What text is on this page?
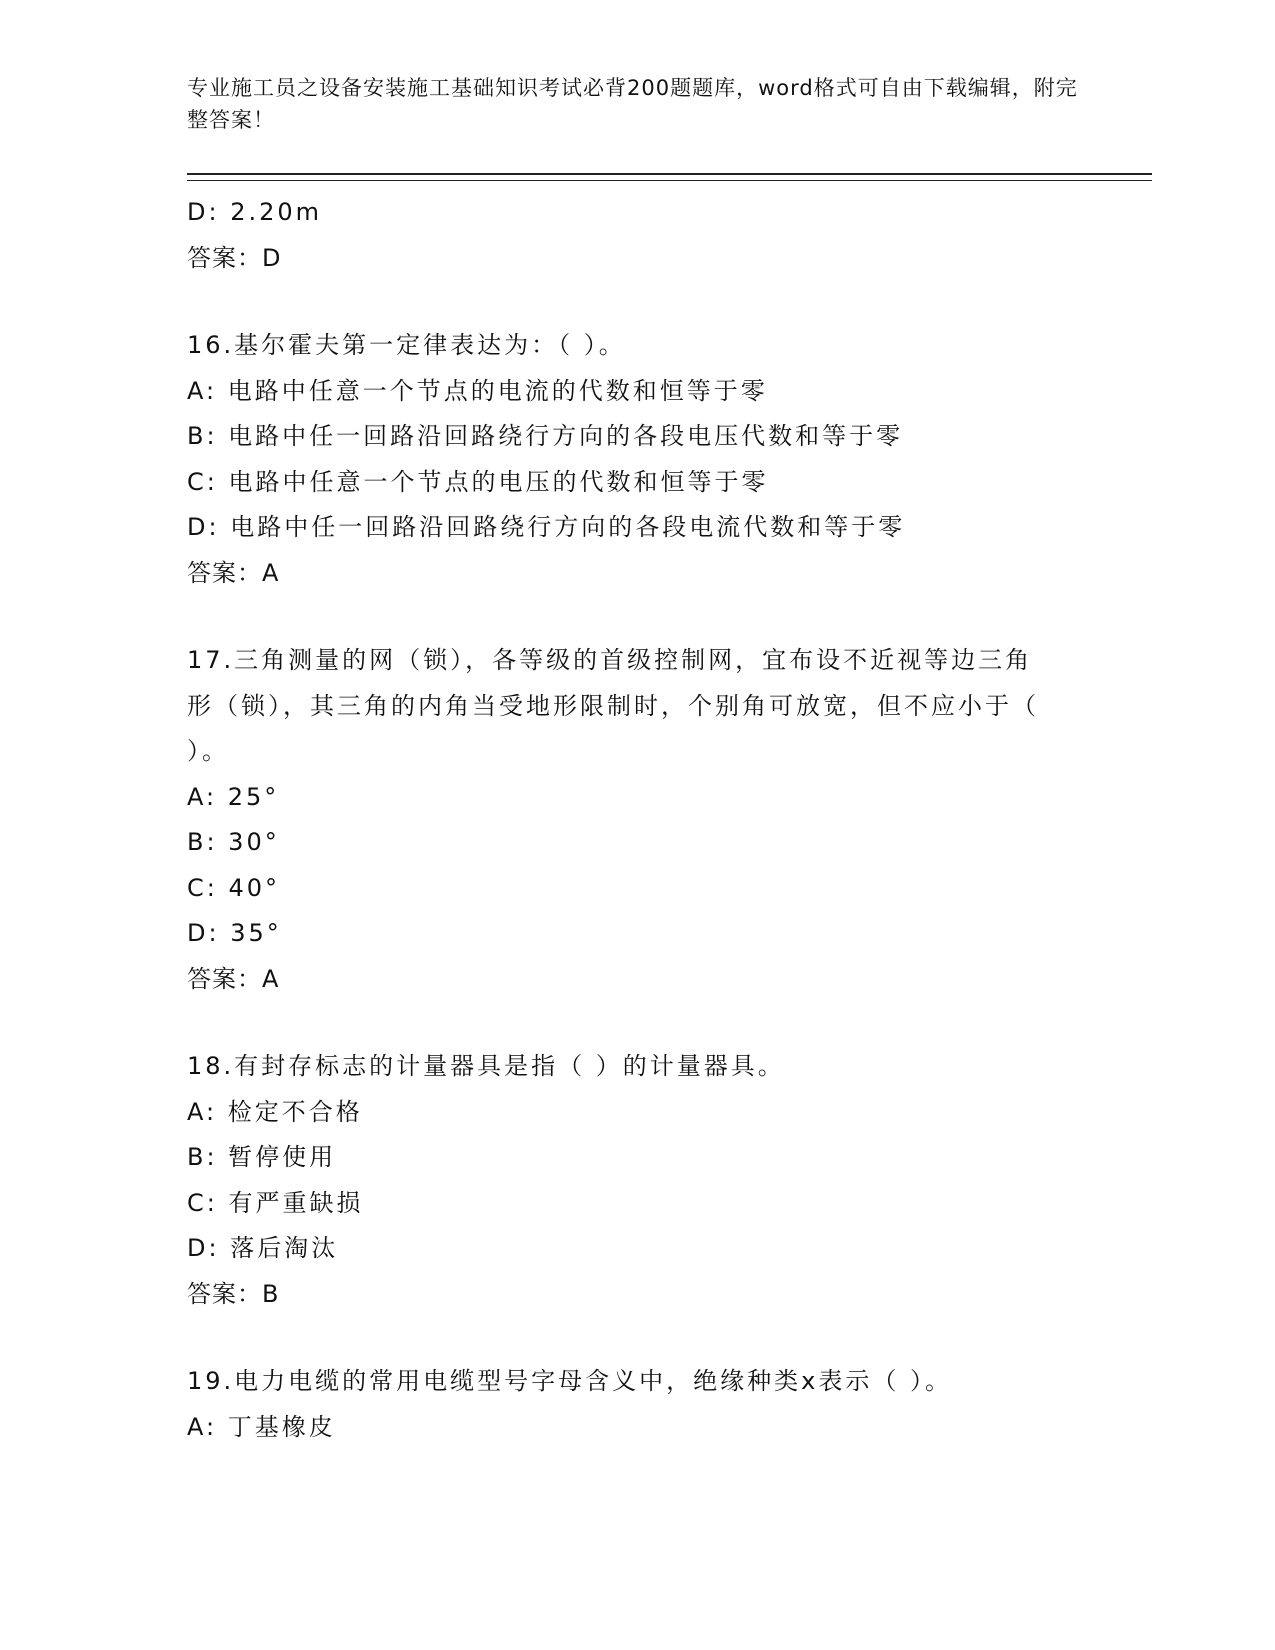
专业施工员之设备安装施工基础知识考试必背200题题库，word格式可自由下载编辑，附完整答案！
D: 2.20m
答案：D
16.基尔霍夫第一定律表达为：（ ）。
A: 电路中任意一个节点的电流的代数和恒等于零
B: 电路中任一回路沿回路绕行方向的各段电压代数和等于零
C: 电路中任意一个节点的电压的代数和恒等于零
D: 电路中任一回路沿回路绕行方向的各段电流代数和等于零
答案：A
17.三角测量的网（锁），各等级的首级控制网，宜布设不近视等边三角形（锁），其三角的内角当受地形限制时，个别角可放宽，但不应小于（ ）。
A: 25°
B: 30°
C: 40°
D: 35°
答案：A
18.有封存标志的计量器具是指（ ）的计量器具。
A: 检定不合格
B: 暂停使用
C: 有严重缺损
D: 落后淘汰
答案：B
19.电力电缆的常用电缆型号字母含义中，绝缘种类x表示（ ）。
A: 丁基橡皮
